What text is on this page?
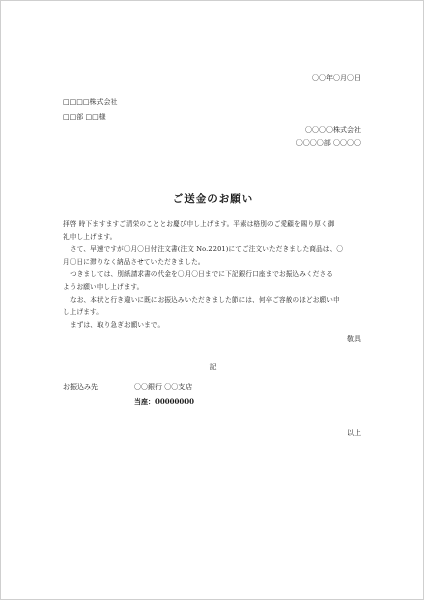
〇〇年〇月〇日
□□□□株式会社
□□部 □□様
〇〇〇〇株式会社
〇〇〇〇部 〇〇〇〇
ご送金のお願い

拝啓 時下ますますご清栄のこととお慶び申し上げます。平素は格別のご愛顧を賜り厚く御

礼申し上げます。

さて、早速ですが〇月〇日付注文書(注文 No.2201)にてご注文いただきました商品は、〇

月〇日に滞りなく納品させていただきました。

つきましては、別紙請求書の代金を〇月〇日までに下記銀行口座までお振込みくださる

ようお願い申し上げます。

なお、本状と行き違いに既にお振込みいただきました節には、何卒ご容赦のほどお願い申

し上げます。

まずは、取り急ぎお願いまで。

敬具
記
お振込み先	〇〇銀行 〇〇支店
当座：00000000
以上
